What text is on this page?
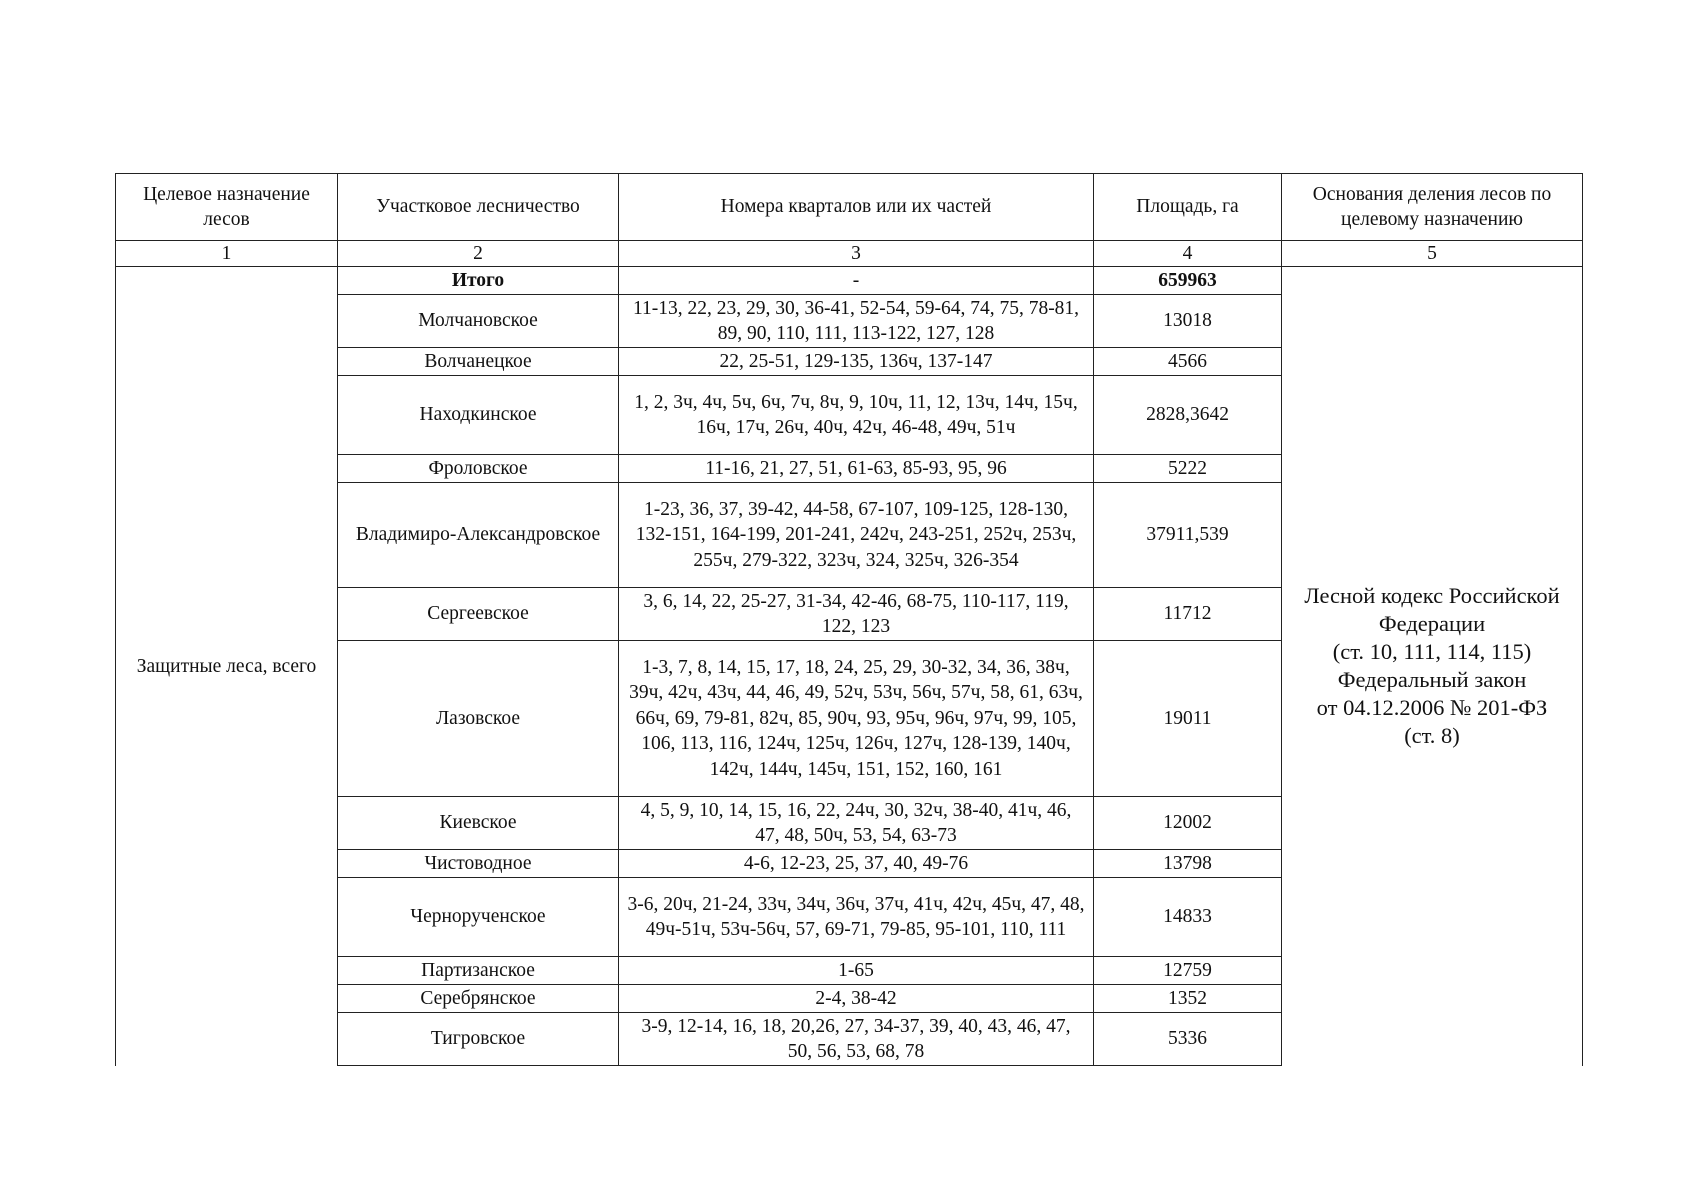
Целевое назначение лесов	Участковое лесничество	Номера кварталов или их частей	Площадь, га	Основания деления лесов по целевому назначению
1	2	3	4	5
Защитные леса, всего	Итого	-	659963	Лесной кодекс Российской Федерации
(ст. 10, 111, 114, 115)
Федеральный закон
от 04.12.2006 № 201-ФЗ
(ст. 8)

	Молчановское	11-13, 22, 23, 29, 30, 36-41, 52-54, 59-64, 74, 75, 78-81, 89, 90, 110, 111, 113-122, 127, 128	13018	
	Волчанецкое	22, 25-51, 129-135, 136ч, 137-147	4566	
	Находкинское	1, 2, 3ч, 4ч, 5ч, 6ч, 7ч, 8ч, 9, 10ч, 11, 12, 13ч, 14ч, 15ч, 16ч, 17ч, 26ч, 40ч, 42ч, 46-48, 49ч, 51ч	2828,3642	
	Фроловское	11-16, 21, 27, 51, 61-63, 85-93, 95, 96	5222	
	Владимиро-Александровское	1-23, 36, 37, 39-42, 44-58, 67-107, 109-125, 128-130, 132-151, 164-199, 201-241, 242ч, 243-251, 252ч, 253ч, 255ч, 279-322, 323ч, 324, 325ч, 326-354	37911,539	
	Сергеевское	3, 6, 14, 22, 25-27, 31-34, 42-46, 68-75, 110-117, 119, 122, 123	11712	
	Лазовское	1-3, 7, 8, 14, 15, 17, 18, 24, 25, 29, 30-32, 34, 36, 38ч, 39ч, 42ч, 43ч, 44, 46, 49, 52ч, 53ч, 56ч, 57ч, 58, 61, 63ч, 66ч, 69, 79-81, 82ч, 85, 90ч, 93, 95ч, 96ч, 97ч, 99, 105, 106, 113, 116, 124ч, 125ч, 126ч, 127ч, 128-139, 140ч, 142ч, 144ч, 145ч, 151, 152, 160, 161	19011	
	Киевское	4, 5, 9, 10, 14, 15, 16, 22, 24ч, 30, 32ч, 38-40, 41ч, 46, 47, 48, 50ч, 53, 54, 63-73	12002	
	Чистоводное	4-6, 12-23, 25, 37, 40, 49-76	13798	
	Чернорученское	3-6, 20ч, 21-24, 33ч, 34ч, 36ч, 37ч, 41ч, 42ч, 45ч, 47, 48, 49ч-51ч, 53ч-56ч, 57, 69-71, 79-85, 95-101, 110, 111	14833	
	Партизанское	1-65	12759	
	Серебрянское	2-4, 38-42	1352	
	Тигровское	3-9, 12-14, 16, 18, 20,26, 27, 34-37, 39, 40, 43, 46, 47, 50, 56, 53, 68, 78	5336	
